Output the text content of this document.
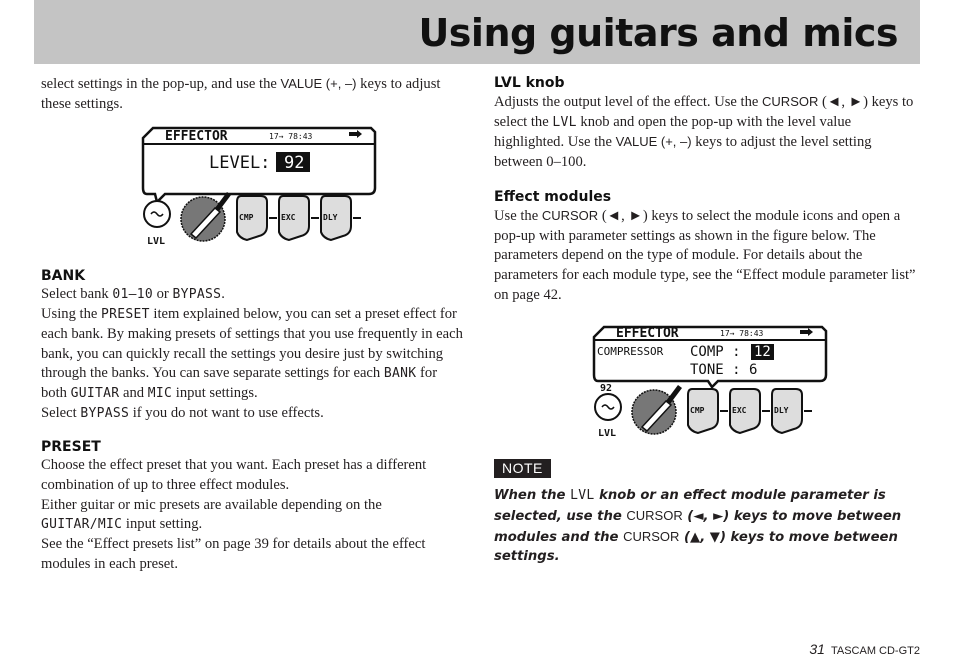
Using guitars and mics

select settings in the pop-up, and use the VALUE (+, –) keys to adjust these settings.

EFFECTOR	17→ 78:43
LEVEL: 92
LVL
CMP	EXC	DLY
BANK

Select bank 01–10 or BYPASS.
Using the PRESET item explained below, you can set a preset effect for each bank. By making presets of settings that you use frequently in each bank, you can quickly recall the settings you desire just by switching through the banks. You can save separate settings for each BANK for both GUITAR and MIC input settings.
Select BYPASS if you do not want to use effects.

PRESET

Choose the effect preset that you want. Each preset has a different combination of up to three effect modules.
Either guitar or mic presets are available depending on the GUITAR/MIC input setting.
See the “Effect presets list” on page 39 for details about the effect modules in each preset.

LVL knob

Adjusts the output level of the effect. Use the CURSOR (◄, ►) keys to select the LVL knob and open the pop-up with the level value highlighted. Use the VALUE (+, –) keys to adjust the level setting between 0–100.

Effect modules

Use the CURSOR (◄, ►) keys to select the module icons and open a pop-up with parameter settings as shown in the figure below. The parameters depend on the type of module. For details about the parameters for each module type, see the “Effect module parameter list” on page 42.

EFFECTOR	17→ 78:43
COMPRESSOR COMP : 12
TONE : 6
92
LVL
CMP	EXC	DLY
NOTE

When the LVL knob or an effect module parameter is selected, use the CURSOR (◄, ►) keys to move between modules and the CURSOR (▲, ▼) keys to move between settings.

31 TASCAM CD-GT2
